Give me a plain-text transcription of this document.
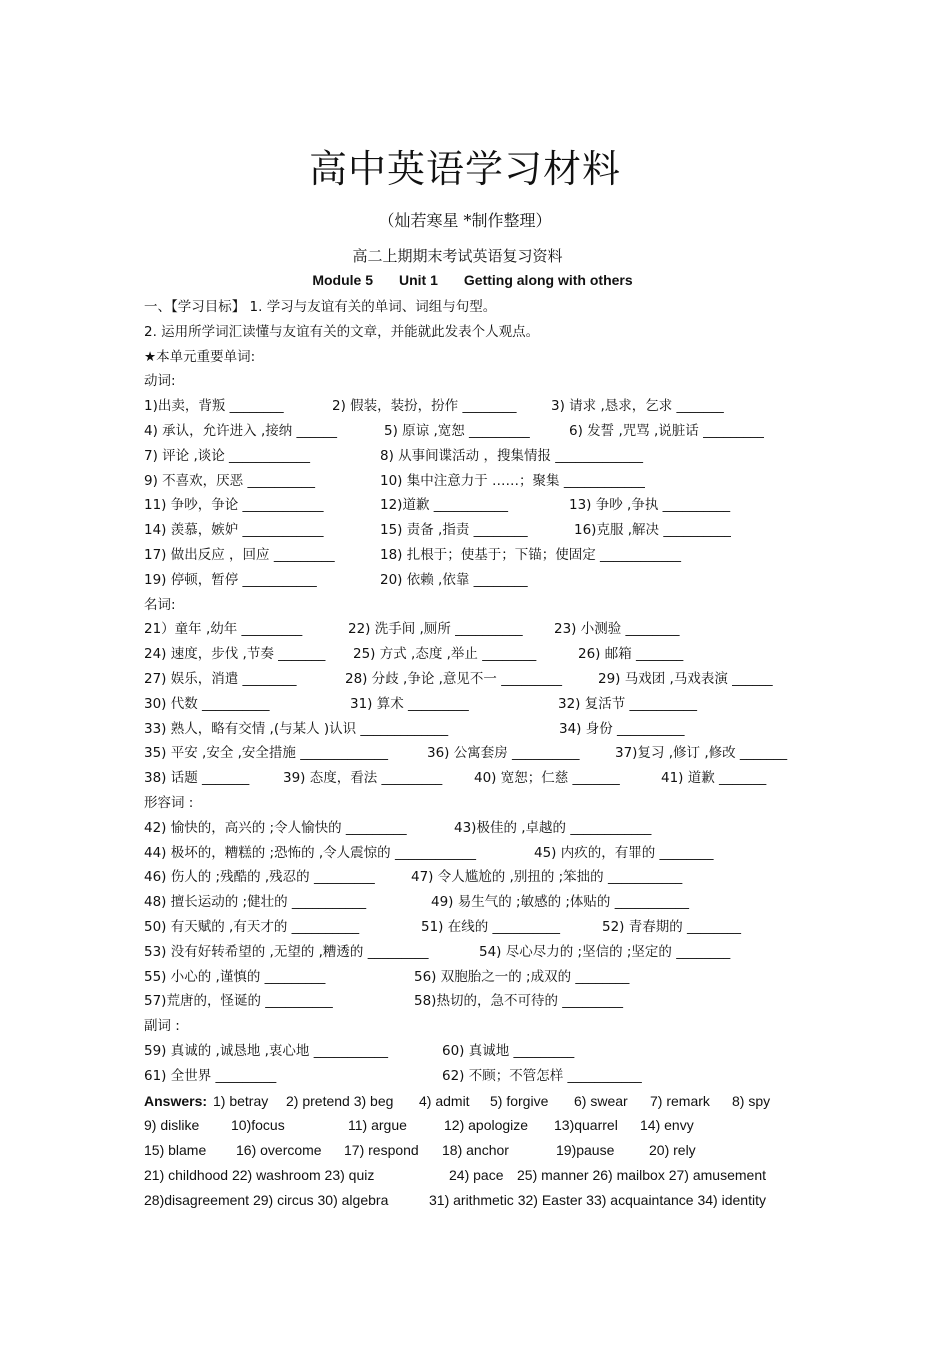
高中英语学习材料
（灿若寒星 *制作整理）
高二上期期末考试英语复习资料
Module 5 Unit 1 Getting along with others
一、【学习目标】 1. 学习与友谊有关的单词、词组与句型。
2. 运用所学词汇读懂与友谊有关的文章，并能就此发表个人观点。
★本单元重要单词:
动词:
1)出卖，背叛 ________	2) 假装，装扮，扮作 ________	3) 请求 ,恳求，乞求 _______
4) 承认，允许进入 ,接纳 ______	5) 原谅 ,宽恕 _________	6) 发誓 ,咒骂 ,说脏话 _________
7) 评论 ,谈论 ____________	8) 从事间谍活动 ，搜集情报 _____________
9) 不喜欢，厌恶 __________	10) 集中注意力于 ……；聚集 ____________
11) 争吵，争论 ____________	12)道歉 ___________	13) 争吵 ,争执 __________
14) 羡慕，嫉妒 ____________	15) 责备 ,指责 ________	16)克服 ,解决 __________
17) 做出反应 ，回应 _________	18) 扎根于；使基于；下锚；使固定 ____________
19) 停顿，暂停 ___________	20) 依赖 ,依靠 ________
名词:
21）童年 ,幼年 _________	22) 洗手间 ,厕所 __________ 23) 小测验 ________
24) 速度，步伐 ,节奏 _______ 25) 方式 ,态度 ,举止 ________	26) 邮箱 _______
27) 娱乐，消遣 ________	28) 分歧 ,争论 ,意见不一 _________	29) 马戏团 ,马戏表演 ______
30) 代数 __________	31) 算术 _________	32) 复活节 __________
33) 熟人，略有交情 ,(与某人 )认识 _____________	34) 身份 __________
35) 平安 ,安全 ,安全措施 _____________	36) 公寓套房 __________	37)复习 ,修订 ,修改 _______
38) 话题 _______ 39) 态度，看法 _________ 40) 宽恕；仁慈 _______	41) 道歉 _______
形容词 :
42) 愉快的，高兴的 ;令人愉快的 _________	43)极佳的 ,卓越的 ____________
44) 极坏的，糟糕的 ;恐怖的 ,令人震惊的 ____________	45) 内疚的，有罪的 ________
46) 伤人的 ;残酷的 ,残忍的 _________	47) 令人尴尬的 ,别扭的 ;笨拙的 ___________
48) 擅长运动的 ;健壮的 ___________	49) 易生气的 ;敏感的 ;体贴的 ___________
50) 有天赋的 ,有天才的 __________	51) 在线的 __________	52) 青春期的 ________
53) 没有好转希望的 ,无望的 ,糟透的 _________	54) 尽心尽力的 ;坚信的 ;坚定的 ________
55) 小心的 ,谨慎的 _________	56) 双胞胎之一的 ;成双的 ________
57)荒唐的，怪诞的 __________	58)热切的，急不可待的 _________
副词 :
59) 真诚的 ,诚恳地 ,衷心地 ___________	60) 真诚地 _________
61) 全世界 _________	62) 不顾；不管怎样 ___________
Answers: 1) betray 2) pretend 3) beg 4) admit 5) forgive 6) swear 7) remark 8) spy
9) dislike 10)focus	11) argue	12) apologize 13)quarrel 14) envy
15) blame 16) overcome 17) respond 18) anchor	19)pause 20) rely
21) childhood 22) washroom 23) quiz	24) pace 25) manner 26) mailbox 27) amusement
28)disagreement 29) circus 30) algebra	31) arithmetic 32) Easter 33) acquaintance 34) identity
